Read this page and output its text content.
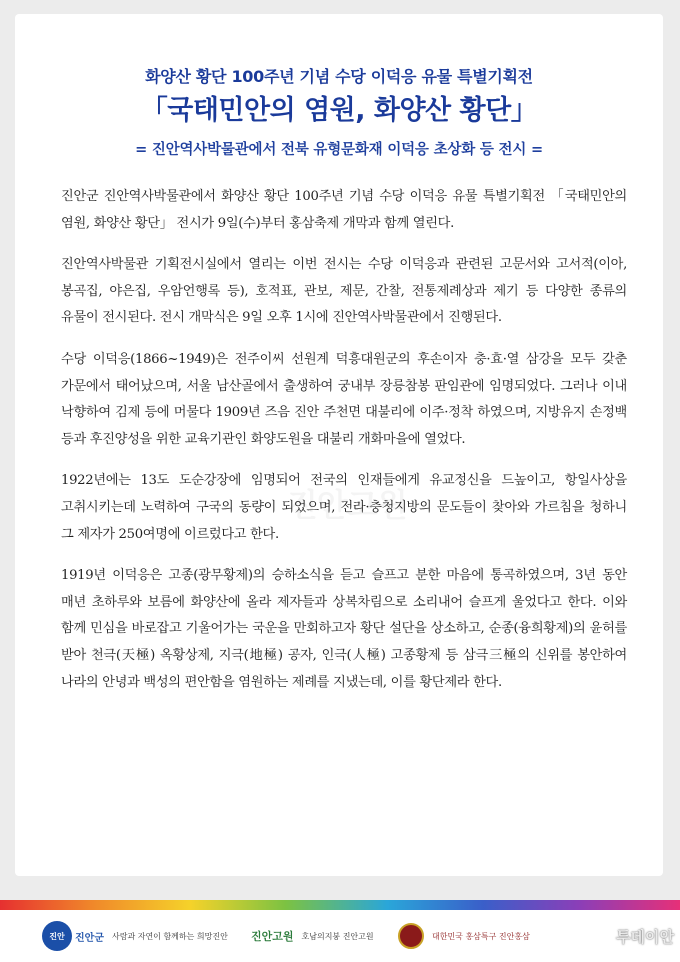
화양산 황단 100주년 기념 수당 이덕응 유물 특별기획전
「국태민안의 염원, 화양산 황단」
= 진안역사박물관에서 전북 유형문화재 이덕응 초상화 등 전시 =

진안군 진안역사박물관에서 화양산 황단 100주년 기념 수당 이덕응 유물 특별기획전 「국태민안의 염원, 화양산 황단」 전시가 9일(수)부터 홍삼축제 개막과 함께 열린다.

진안역사박물관 기획전시실에서 열리는 이번 전시는 수당 이덕응과 관련된 고문서와 고서적(이아, 봉곡집, 야은집, 우암언행록 등), 호적표, 관보, 제문, 간찰, 전통제례상과 제기 등 다양한 종류의 유물이 전시된다. 전시 개막식은 9일 오후 1시에 진안역사박물관에서 진행된다.

수당 이덕응(1866~1949)은 전주이씨 선원계 덕흥대원군의 후손이자 충·효·열 삼강을 모두 갖춘 가문에서 태어났으며, 서울 남산골에서 출생하여 궁내부 장릉참봉 판임관에 임명되었다. 그러나 이내 낙향하여 김제 등에 머물다 1909년 즈음 진안 주천면 대불리에 이주·정착 하였으며, 지방유지 손정백 등과 후진양성을 위한 교육기관인 화양도원을 대불리 개화마을에 열었다.

1922년에는 13도 도순강장에 임명되어 전국의 인재들에게 유교정신을 드높이고, 항일사상을 고취시키는데 노력하여 구국의 동량이 되었으며, 전라·충청지방의 문도들이 찾아와 가르침을 청하니 그 제자가 250여명에 이르렀다고 한다.

1919년 이덕응은 고종(광무황제)의 승하소식을 듣고 슬프고 분한 마음에 통곡하였으며, 3년 동안 매년 초하루와 보름에 화양산에 올라 제자들과 상복차림으로 소리내어 슬프게 울었다고 한다. 이와 함께 민심을 바로잡고 기울어가는 국운을 만회하고자 황단 설단을 상소하고, 순종(융희황제)의 윤허를 받아 천극(天極) 옥황상제, 지극(地極) 공자, 인극(人極) 고종황제 등 삼극三極의 신위를 봉안하여 나라의 안녕과 백성의 편안함을 염원하는 제례를 지냈는데, 이를 황단제라 한다.

진안	진안군 사람과 자연이 함께하는 희망진안 진안고원 호남의지붕 진안고원	대한민국 홍삼특구 진안홍삼	투데이안
